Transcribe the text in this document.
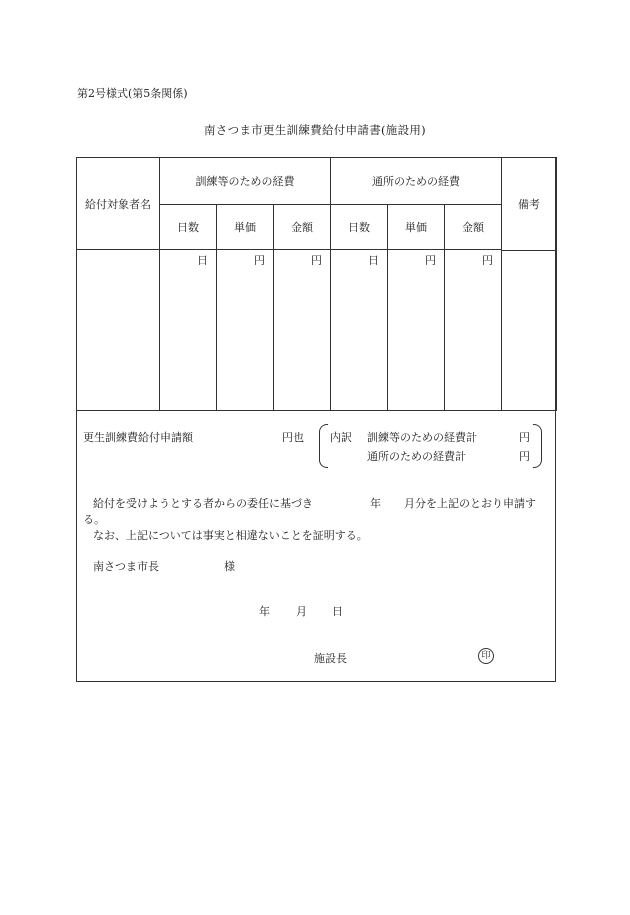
第2号様式(第5条関係)
南さつま市更生訓練費給付申請書(施設用)
給付対象者名	訓練等のための経費			通所のための経費			備考

	日数	単価	金額	日数	単価	金額	
	日	円	円	日	円	円	
更生訓練費給付申請額	円也 内訳 訓練等のための経費計	円
通所のための経費計	円
給付を受けようとする者からの委任に基づき	年 月分を上記のとおり申請す
る。
なお、上記については事実と相違ないことを証明する。
南さつま市長	様
年 月 日
施設長	印
